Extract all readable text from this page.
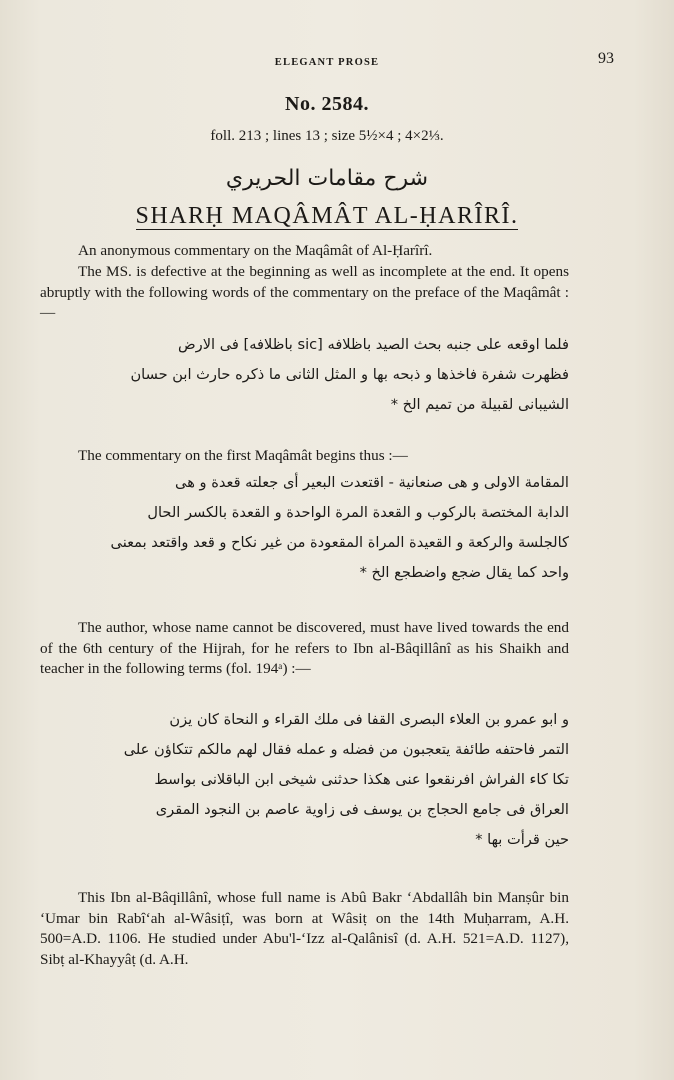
ELEGANT PROSE	93
No. 2584.
foll. 213 ; lines 13 ; size 5½×4 ; 4×2⅓.
شرح مقامات الحريري
SHARḤ MAQÂMÂT AL-ḤARÎRÎ.
An anonymous commentary on the Maqâmât of Al-Ḥarîrî.
The MS. is defective at the beginning as well as incomplete at the end. It opens abruptly with the following words of the commentary on the preface of the Maqâmât :—
فلما اوقعه على جنبه بحث الصيد باظلافه [sic باظلافه] فى الارض
فظهرت شفرة فاخذها و ذبحه بها و المثل الثانى ما ذكره حارث ابن حسان
الشيبانى لقبيلة من تميم الخ *
The commentary on the first Maqâmât begins thus :—
المقامة الاولى و هى صنعانية - اقتعدت البعير أى جعلته قعدة و هى
الدابة المختصة بالركوب و القعدة المرة الواحدة و القعدة بالكسر الحال
كالجلسة والركعة و القعيدة المراة المقعودة من غير نكاح و قعد واقتعد بمعنى
واحد كما يقال ضجع واضطجع الخ *
The author, whose name cannot be discovered, must have lived towards the end of the 6th century of the Hijrah, for he refers to Ibn al-Bâqillânî as his Shaikh and teacher in the following terms (fol. 194ᵃ) :—
و ابو عمرو بن العلاء البصرى القفا فى ملك القراء و النحاة كان يزن
التمر فاحتفه طائفة يتعجبون من فضله و عمله فقال لهم مالكم تتكاؤن على
تكا كاء الفراش افرنقعوا عنى هكذا حدثنى شيخى ابن الباقلانى بواسط
العراق فى جامع الحجاج بن يوسف فى زاوية عاصم بن النجود المقرى
حين قرأت بها *
This Ibn al-Bâqillânî, whose full name is Abû Bakr ‘Abdallâh bin Manṣûr bin ‘Umar bin Rabî‘ah al-Wâsiṭî, was born at Wâsiṭ on the 14th Muḥarram, A.H. 500=A.D. 1106. He studied under Abu'l-‘Izz al-Qalânisî (d. A.H. 521=A.D. 1127), Sibṭ al-Khayyâṭ (d. A.H.
